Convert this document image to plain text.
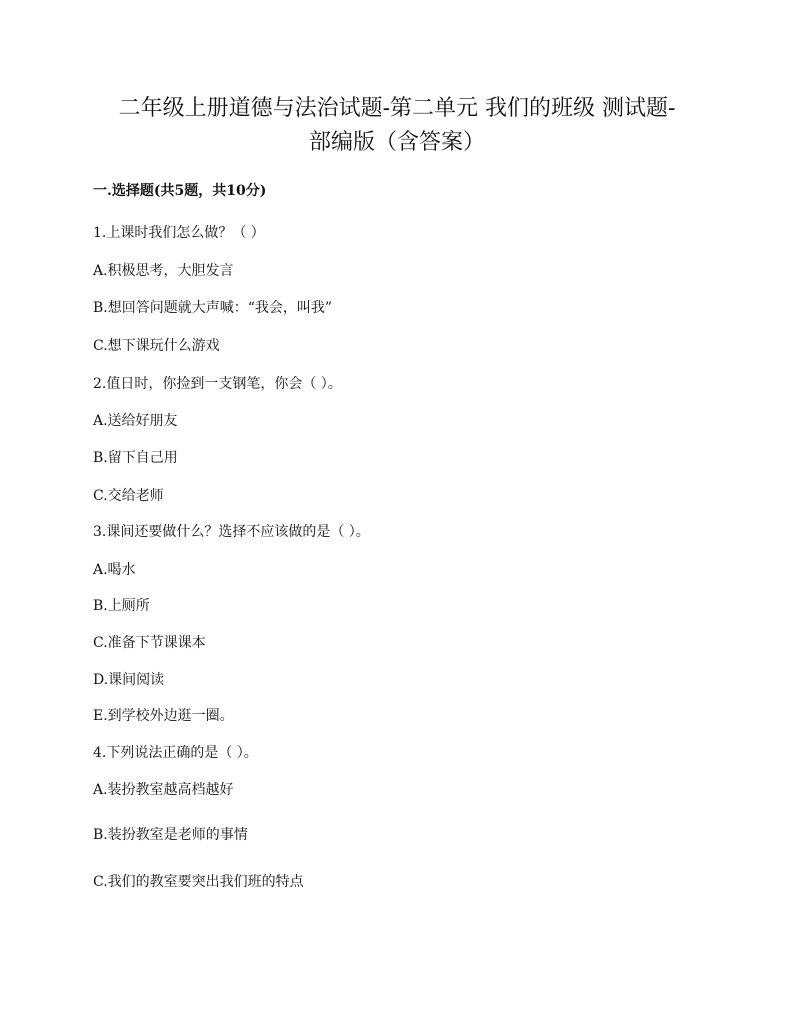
二年级上册道德与法治试题-第二单元 我们的班级 测试题-
部编版（含答案）
一.选择题(共5题，共10分)
1.上课时我们怎么做？（ ）
A.积极思考，大胆发言
B.想回答问题就大声喊：“我会，叫我”
C.想下课玩什么游戏
2.值日时，你捡到一支钢笔，你会（ ）。
A.送给好朋友
B.留下自己用
C.交给老师
3.课间还要做什么？选择不应该做的是（ ）。
A.喝水
B.上厕所
C.准备下节课课本
D.课间阅读
E.到学校外边逛一圈。
4.下列说法正确的是（ ）。
A.装扮教室越高档越好
B.装扮教室是老师的事情
C.我们的教室要突出我们班的特点
